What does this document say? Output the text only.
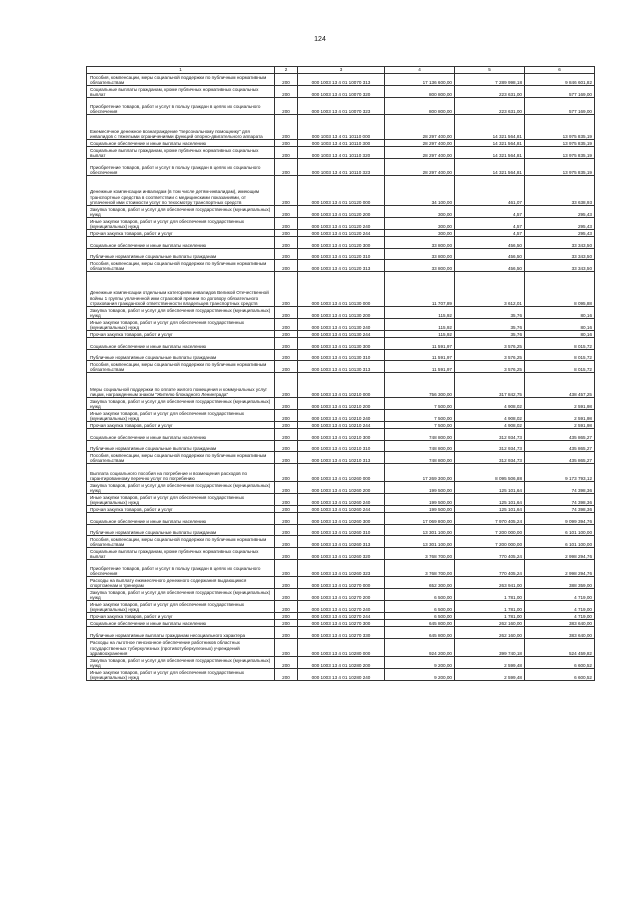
124
1	2	3	4	5	6
Пособия, компенсации, меры социальной поддержки по публичным нормативным обязательствам	200	000 1003 13 4 01 10070 313	17 136 600,00	7 289 998,18	9 846 601,82
Социальные выплаты гражданам, кроме публичных нормативных социальных выплат	200	000 1003 13 4 01 10070 320	800 800,00	223 631,00	577 169,00
Приобретение товаров, работ и услуг в пользу граждан в целях их социального обеспечения	200	000 1003 13 4 01 10070 323	800 800,00	223 631,00	577 169,00
Ежемесячное денежное вознаграждение "персональному помощнику" для инвалидов с тяжелыми ограничениями функций опорно-двигательного аппарата	200	000 1003 13 4 01 10110 000	28 297 400,00	14 321 564,81	13 975 835,19
Социальное обеспечение и иные выплаты населению	200	000 1003 13 4 01 10110 300	28 297 400,00	14 321 564,81	13 975 835,19
Социальные выплаты гражданам, кроме публичных нормативных социальных выплат	200	000 1003 13 4 01 10110 320	28 297 400,00	14 321 564,81	13 975 835,19
Приобретение товаров, работ и услуг в пользу граждан в целях их социального обеспечения	200	000 1003 13 4 01 10110 323	28 297 400,00	14 321 564,81	13 975 835,19
Денежные компенсации инвалидам (в том числе детям-инвалидам), имеющим транспортные средства в соответствии с медицинскими показаниями, от уплаченной ими стоимости услуг по техосмотру транспортных средств	200	000 1003 13 4 01 10120 000	34 100,00	461,07	33 638,93
Закупка товаров, работ и услуг для обеспечения государственных (муниципальных) нужд	200	000 1003 13 4 01 10120 200	300,00	4,57	295,43
Иные закупки товаров, работ и услуг для обеспечения государственных (муниципальных) нужд	200	000 1003 13 4 01 10120 240	300,00	4,57	295,43
Прочая закупка товаров, работ и услуг	200	000 1003 13 4 01 10120 244	300,00	4,57	295,43
Социальное обеспечение и иные выплаты населению	200	000 1003 13 4 01 10120 300	33 800,00	456,50	33 343,50
Публичные нормативные социальные выплаты гражданам	200	000 1003 13 4 01 10120 310	33 800,00	456,50	33 343,50
Пособия, компенсации, меры социальной поддержки по публичным нормативным обязательствам	200	000 1003 13 4 01 10120 313	33 800,00	456,50	33 343,50
Денежные компенсации отдельным категориям инвалидов Великой Отечественной войны 1 группы уплаченной ими страховой премии по договору обязательного страхования гражданской ответственности владельцев транспортных средств	200	000 1003 13 4 01 10130 000	11 707,89	3 612,01	8 095,88
Закупка товаров, работ и услуг для обеспечения государственных (муниципальных) нужд	200	000 1003 13 4 01 10130 200	115,92	35,76	80,16
Иные закупки товаров, работ и услуг для обеспечения государственных (муниципальных) нужд	200	000 1003 13 4 01 10130 240	115,92	35,76	80,16
Прочая закупка товаров, работ и услуг	200	000 1003 13 4 01 10130 244	115,92	35,76	80,16
Социальное обеспечение и иные выплаты населению	200	000 1003 13 4 01 10130 300	11 591,97	3 576,25	8 015,72
Публичные нормативные социальные выплаты гражданам	200	000 1003 13 4 01 10130 310	11 591,97	3 576,25	8 015,72
Пособия, компенсации, меры социальной поддержки по публичным нормативным обязательствам	200	000 1003 13 4 01 10130 313	11 591,97	3 576,25	8 015,72
Меры социальной поддержки по оплате жилого помещения и коммунальных услуг лицам, награжденным знаком "Жителю блокадного Ленинграда"	200	000 1003 13 4 01 10210 000	756 300,00	317 842,75	438 457,25
Закупка товаров, работ и услуг для обеспечения государственных (муниципальных) нужд	200	000 1003 13 4 01 10210 200	7 500,00	4 908,02	2 591,98
Иные закупки товаров, работ и услуг для обеспечения государственных (муниципальных) нужд	200	000 1003 13 4 01 10210 240	7 500,00	4 908,02	2 591,98
Прочая закупка товаров, работ и услуг	200	000 1003 13 4 01 10210 244	7 500,00	4 908,02	2 591,98
Социальное обеспечение и иные выплаты населению	200	000 1003 13 4 01 10210 300	748 800,00	312 934,73	435 865,27
Публичные нормативные социальные выплаты гражданам	200	000 1003 13 4 01 10210 310	748 800,00	312 934,73	435 865,27
Пособия, компенсации, меры социальной поддержки по публичным нормативным обязательствам	200	000 1003 13 4 01 10210 313	748 800,00	312 934,73	435 865,27
Выплата социального пособия на погребение и возмещения расходов по гарантированному перечню услуг по погребению	200	000 1003 13 4 01 10260 000	17 269 300,00	8 095 506,88	9 173 793,12
Закупка товаров, работ и услуг для обеспечения государственных (муниципальных) нужд	200	000 1003 13 4 01 10260 200	199 500,00	125 101,64	74 398,36
Иные закупки товаров, работ и услуг для обеспечения государственных (муниципальных) нужд	200	000 1003 13 4 01 10260 240	199 500,00	125 101,64	74 398,36
Прочая закупка товаров, работ и услуг	200	000 1003 13 4 01 10260 244	199 500,00	125 101,64	74 398,36
Социальное обеспечение и иные выплаты населению	200	000 1003 13 4 01 10260 300	17 069 800,00	7 970 405,24	9 099 394,76
Публичные нормативные социальные выплаты гражданам	200	000 1003 13 4 01 10260 310	13 301 100,00	7 200 000,00	6 101 100,00
Пособия, компенсации, меры социальной поддержки по публичным нормативным обязательствам	200	000 1003 13 4 01 10260 313	13 301 100,00	7 200 000,00	6 101 100,00
Социальные выплаты гражданам, кроме публичных нормативных социальных выплат	200	000 1003 13 4 01 10260 320	3 768 700,00	770 405,24	2 998 294,76
Приобретение товаров, работ и услуг в пользу граждан в целях их социального обеспечения	200	000 1003 13 4 01 10260 323	3 768 700,00	770 405,24	2 998 294,76
Расходы на выплату ежемесячного денежного содержания выдающимся спортсменам и тренерам	200	000 1003 13 4 01 10270 000	652 300,00	263 941,00	388 359,00
Закупка товаров, работ и услуг для обеспечения государственных (муниципальных) нужд	200	000 1003 13 4 01 10270 200	6 500,00	1 781,00	4 719,00
Иные закупки товаров, работ и услуг для обеспечения государственных (муниципальных) нужд	200	000 1003 13 4 01 10270 240	6 500,00	1 781,00	4 719,00
Прочая закупка товаров, работ и услуг	200	000 1003 13 4 01 10270 244	6 500,00	1 781,00	4 719,00
Социальное обеспечение и иные выплаты населению	200	000 1003 13 4 01 10270 300	645 800,00	262 160,00	383 640,00
Публичные нормативные выплаты гражданам несоциального характера	200	000 1003 13 4 01 10270 330	645 800,00	262 160,00	383 640,00
Расходы на льготное пенсионное обеспечение работников областных государственных туберкулезных (противотуберкулезных) учреждений здравоохранения	200	000 1003 13 4 01 10280 000	924 200,00	399 740,18	524 459,82
Закупка товаров, работ и услуг для обеспечения государственных (муниципальных) нужд	200	000 1003 13 4 01 10280 200	9 200,00	2 599,48	6 600,52
Иные закупки товаров, работ и услуг для обеспечения государственных (муниципальных) нужд	200	000 1003 13 4 01 10280 240	9 200,00	2 599,48	6 600,52
